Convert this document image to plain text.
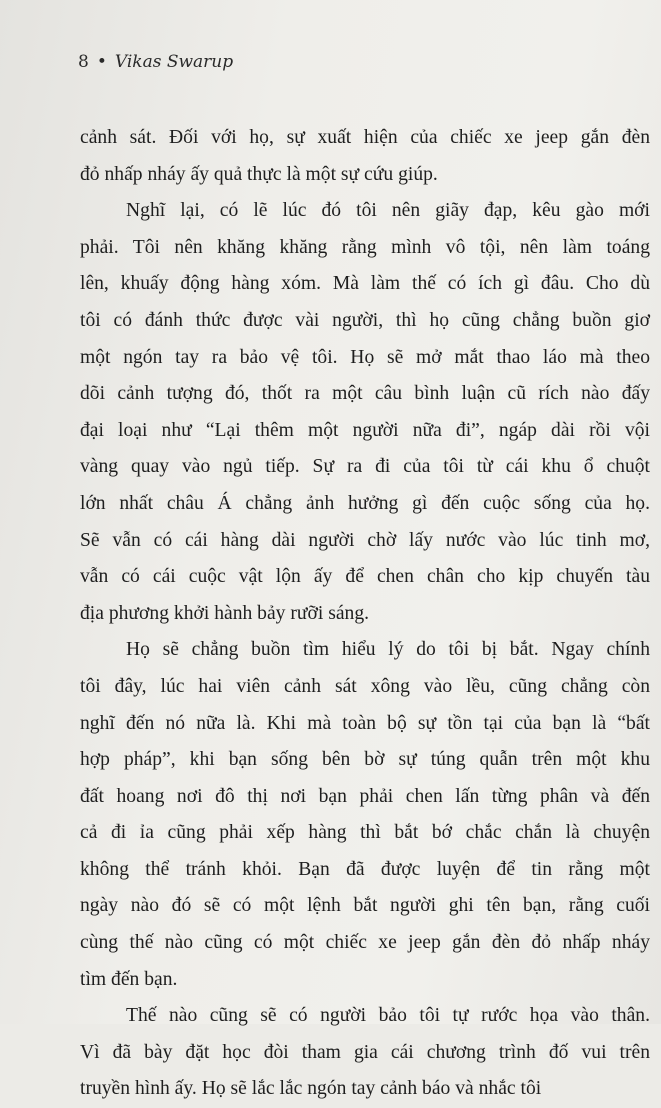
8 • Vikas Swarup
cảnh sát. Đối với họ, sự xuất hiện của chiếc xe jeep gắn đèn
đỏ nhấp nháy ấy quả thực là một sự cứu giúp.
Nghĩ lại, có lẽ lúc đó tôi nên giãy đạp, kêu gào mới
phải. Tôi nên khăng khăng rằng mình vô tội, nên làm toáng
lên, khuấy động hàng xóm. Mà làm thế có ích gì đâu. Cho dù
tôi có đánh thức được vài người, thì họ cũng chẳng buồn giơ
một ngón tay ra bảo vệ tôi. Họ sẽ mở mắt thao láo mà theo
dõi cảnh tượng đó, thốt ra một câu bình luận cũ rích nào đấy
đại loại như “Lại thêm một người nữa đi”, ngáp dài rồi vội
vàng quay vào ngủ tiếp. Sự ra đi của tôi từ cái khu ổ chuột
lớn nhất châu Á chẳng ảnh hưởng gì đến cuộc sống của họ.
Sẽ vẫn có cái hàng dài người chờ lấy nước vào lúc tinh mơ,
vẫn có cái cuộc vật lộn ấy để chen chân cho kịp chuyến tàu
địa phương khởi hành bảy rưỡi sáng.
Họ sẽ chẳng buồn tìm hiểu lý do tôi bị bắt. Ngay chính
tôi đây, lúc hai viên cảnh sát xông vào lều, cũng chẳng còn
nghĩ đến nó nữa là. Khi mà toàn bộ sự tồn tại của bạn là “bất
hợp pháp”, khi bạn sống bên bờ sự túng quẫn trên một khu
đất hoang nơi đô thị nơi bạn phải chen lấn từng phân và đến
cả đi ỉa cũng phải xếp hàng thì bắt bớ chắc chắn là chuyện
không thể tránh khỏi. Bạn đã được luyện để tin rằng một
ngày nào đó sẽ có một lệnh bắt người ghi tên bạn, rằng cuối
cùng thế nào cũng có một chiếc xe jeep gắn đèn đỏ nhấp nháy
tìm đến bạn.
Thế nào cũng sẽ có người bảo tôi tự rước họa vào thân.
Vì đã bày đặt học đòi tham gia cái chương trình đố vui trên
truyền hình ấy. Họ sẽ lắc lắc ngón tay cảnh báo và nhắc tôi
